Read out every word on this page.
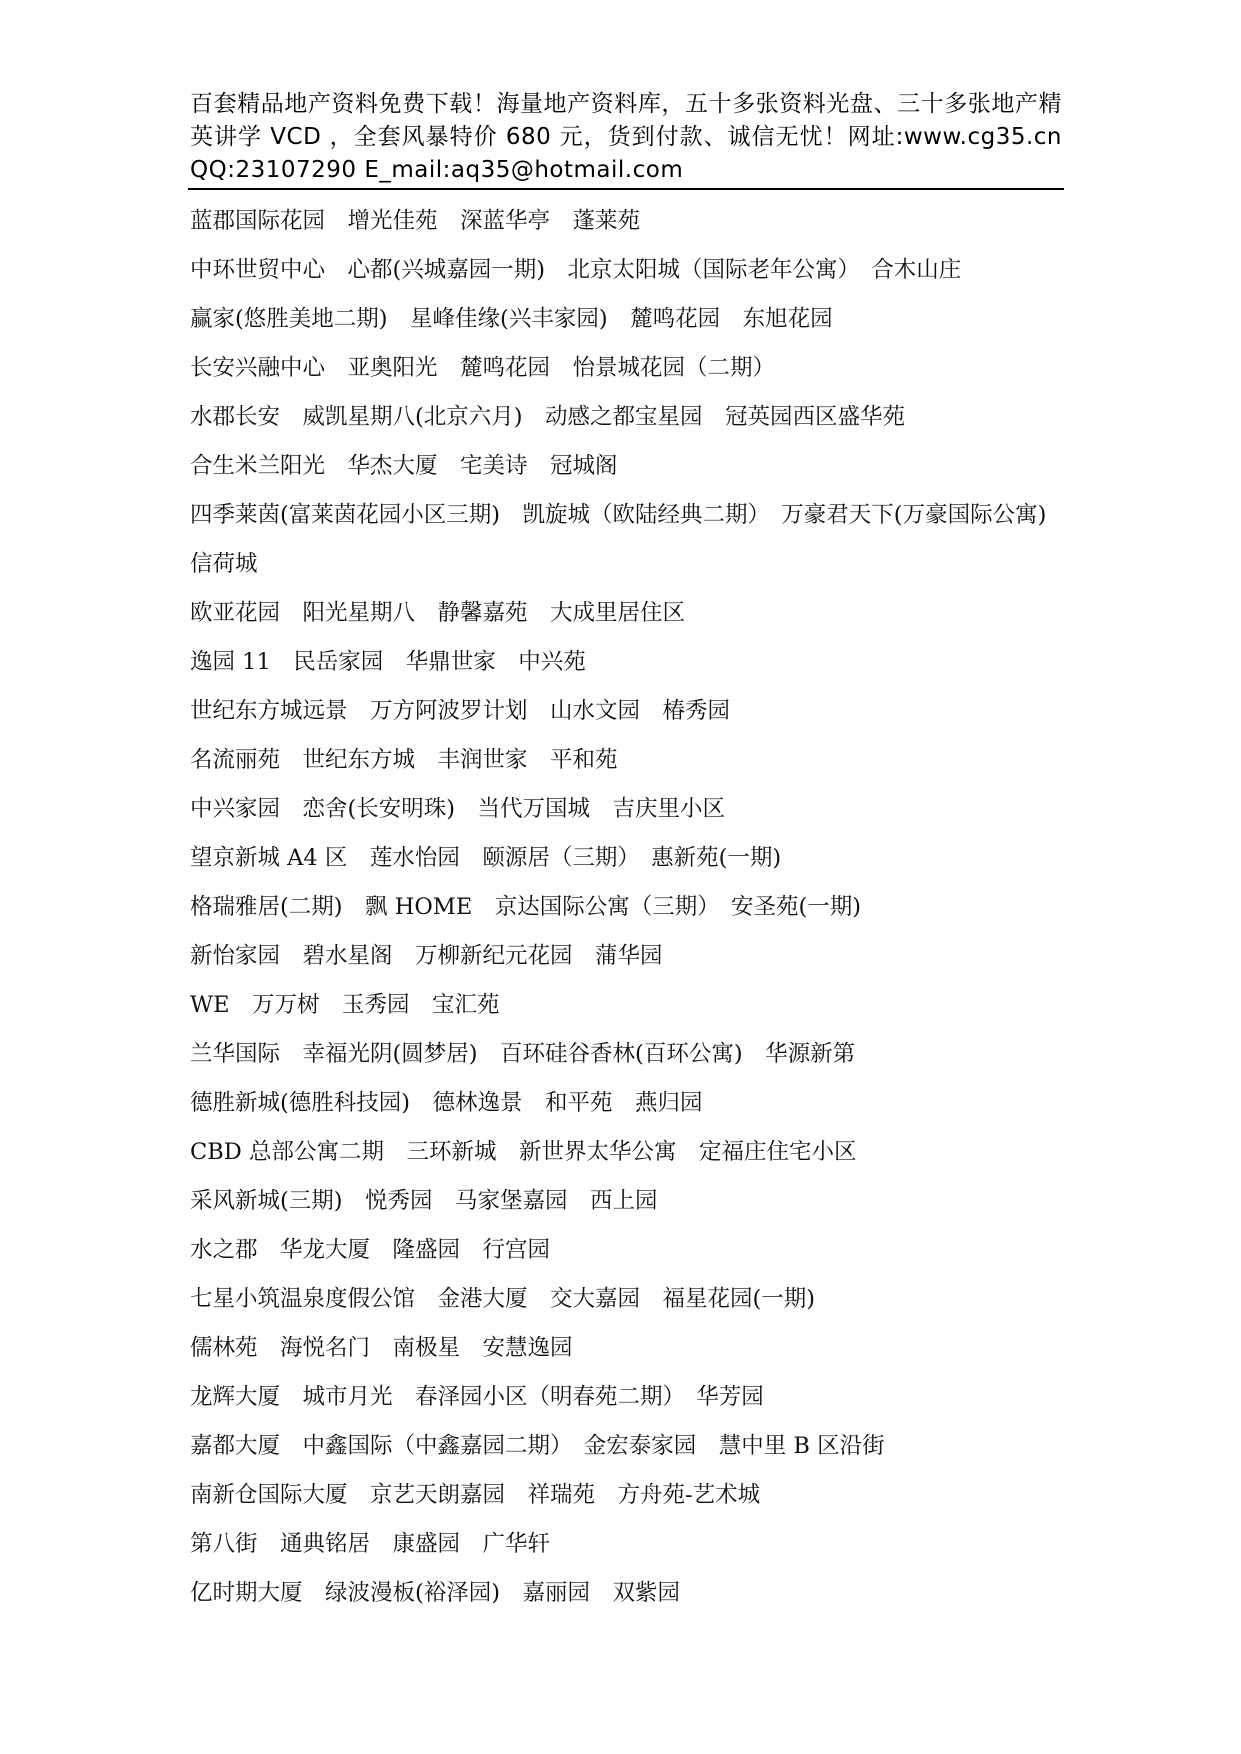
百套精品地产资料免费下载！海量地产资料库，五十多张资料光盘、三十多张地产精英讲学 VCD ，全套风暴特价 680 元，货到付款、诚信无忧！网址:www.cg35.cn QQ:23107290 E_mail:aq35@hotmail.com
蓝郡国际花园　增光佳苑　深蓝华亭　蓬莱苑
中环世贸中心　心都(兴城嘉园一期)　北京太阳城（国际老年公寓）　合木山庄
赢家(悠胜美地二期)　星峰佳缘(兴丰家园)　麓鸣花园　东旭花园
长安兴融中心　亚奥阳光　麓鸣花园　怡景城花园（二期）
水郡长安　威凯星期八(北京六月)　动感之都宝星园　冠英园西区盛华苑
合生米兰阳光　华杰大厦　宅美诗　冠城阁
四季莱茵(富莱茵花园小区三期)　凯旋城（欧陆经典二期）　万豪君天下(万豪国际公寓)　信荷城
欧亚花园　阳光星期八　静馨嘉苑　大成里居住区
逸园 11　民岳家园　华鼎世家　中兴苑
世纪东方城远景　万方阿波罗计划　山水文园　椿秀园
名流丽苑　世纪东方城　丰润世家　平和苑
中兴家园　恋舍(长安明珠)　当代万国城　吉庆里小区
望京新城 A4 区　莲水怡园　颐源居（三期）　惠新苑(一期)
格瑞雅居(二期)　飘 HOME　京达国际公寓（三期）　安圣苑(一期)
新怡家园　碧水星阁　万柳新纪元花园　蒲华园
WE　万万树　玉秀园　宝汇苑
兰华国际　幸福光阴(圆梦居)　百环硅谷香林(百环公寓)　华源新第
德胜新城(德胜科技园)　德林逸景　和平苑　燕归园
CBD 总部公寓二期　三环新城　新世界太华公寓　定福庄住宅小区
采风新城(三期)　悦秀园　马家堡嘉园　西上园
水之郡　华龙大厦　隆盛园　行宫园
七星小筑温泉度假公馆　金港大厦　交大嘉园　福星花园(一期)
儒林苑　海悦名门　南极星　安慧逸园
龙辉大厦　城市月光　春泽园小区（明春苑二期）　华芳园
嘉都大厦　中鑫国际（中鑫嘉园二期）　金宏泰家园　慧中里 B 区沿街
南新仓国际大厦　京艺天朗嘉园　祥瑞苑　方舟苑-艺术城
第八街　通典铭居　康盛园　广华轩
亿时期大厦　绿波漫板(裕泽园)　嘉丽园　双紫园
